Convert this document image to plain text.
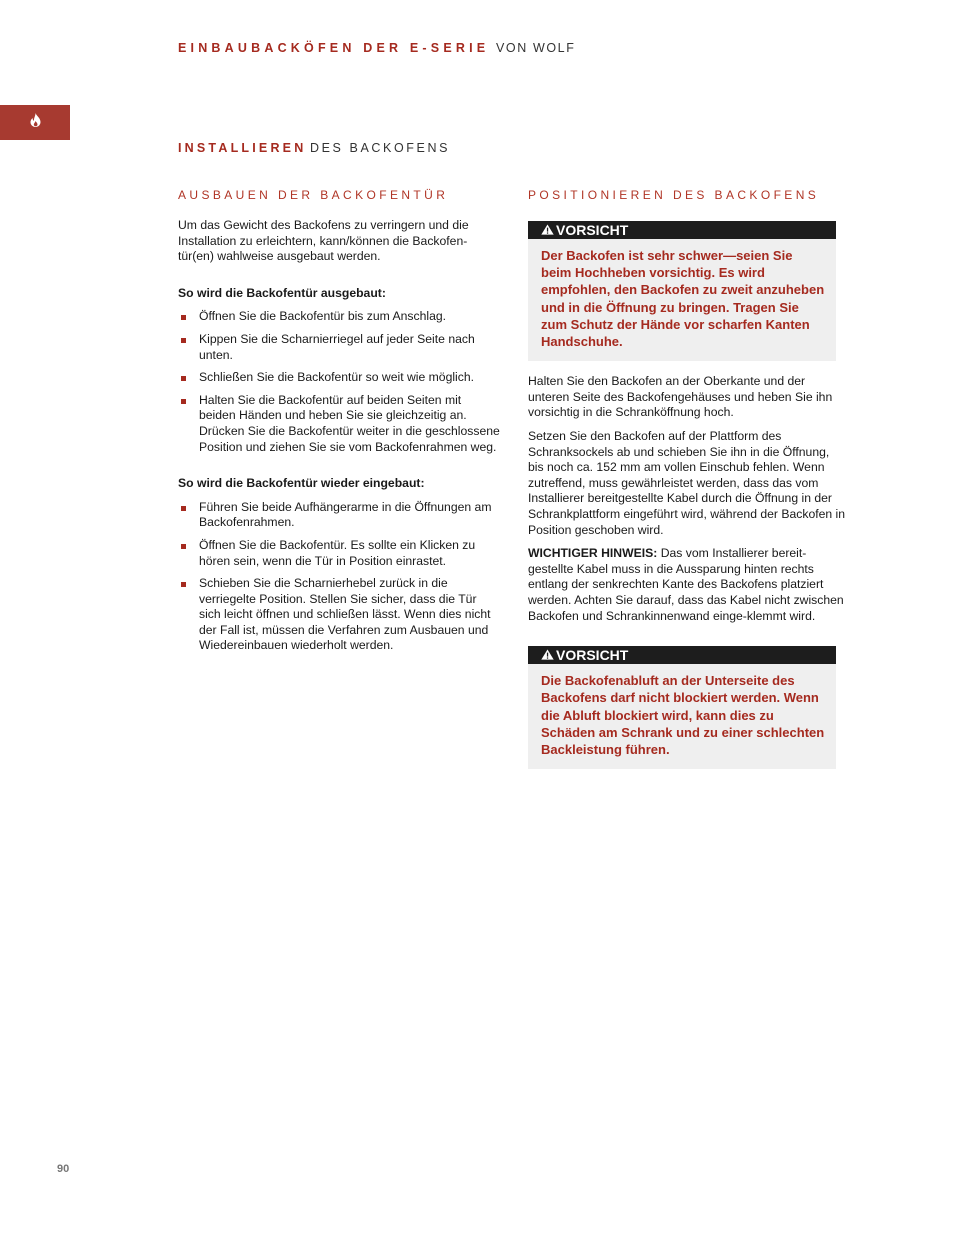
EINBAUBACKÖFEN DER E-SERIE VON WOLF
INSTALLIEREN DES BACKOFENS
AUSBAUEN DER BACKOFENTÜR

Um das Gewicht des Backofens zu verringern und die Installation zu erleichtern, kann/können die Backofen-tür(en) wahlweise ausgebaut werden.

So wird die Backofentür ausgebaut:
Öffnen Sie die Backofentür bis zum Anschlag.
Kippen Sie die Scharnierriegel auf jeder Seite nach unten.
Schließen Sie die Backofentür so weit wie möglich.
Halten Sie die Backofentür auf beiden Seiten mit beiden Händen und heben Sie sie gleichzeitig an. Drücken Sie die Backofentür weiter in die geschlossene Position und ziehen Sie sie vom Backofenrahmen weg.
So wird die Backofentür wieder eingebaut:
Führen Sie beide Aufhängerarme in die Öffnungen am Backofenrahmen.
Öffnen Sie die Backofentür. Es sollte ein Klicken zu hören sein, wenn die Tür in Position einrastet.
Schieben Sie die Scharnierhebel zurück in die verriegelte Position. Stellen Sie sicher, dass die Tür sich leicht öffnen und schließen lässt. Wenn dies nicht der Fall ist, müssen die Verfahren zum Ausbauen und Wiedereinbauen wiederholt werden.
POSITIONIEREN DES BACKOFENS
VORSICHT
Der Backofen ist sehr schwer—seien Sie beim Hochheben vorsichtig. Es wird empfohlen, den Backofen zu zweit anzuheben und in die Öffnung zu bringen. Tragen Sie zum Schutz der Hände vor scharfen Kanten Handschuhe.

Halten Sie den Backofen an der Oberkante und der unteren Seite des Backofengehäuses und heben Sie ihn vorsichtig in die Schranköffnung hoch.

Setzen Sie den Backofen auf der Plattform des Schranksockels ab und schieben Sie ihn in die Öffnung, bis noch ca. 152 mm am vollen Einschub fehlen. Wenn zutreffend, muss gewährleistet werden, dass das vom Installierer bereitgestellte Kabel durch die Öffnung in der Schrankplattform eingeführt wird, während der Backofen in Position geschoben wird.

WICHTIGER HINWEIS: Das vom Installierer bereit-gestellte Kabel muss in die Aussparung hinten rechts entlang der senkrechten Kante des Backofens platziert werden. Achten Sie darauf, dass das Kabel nicht zwischen Backofen und Schrankinnenwand einge-klemmt wird.

VORSICHT
Die Backofenabluft an der Unterseite des Backofens darf nicht blockiert werden. Wenn die Abluft blockiert wird, kann dies zu Schäden am Schrank und zu einer schlechten Backleistung führen.
90
